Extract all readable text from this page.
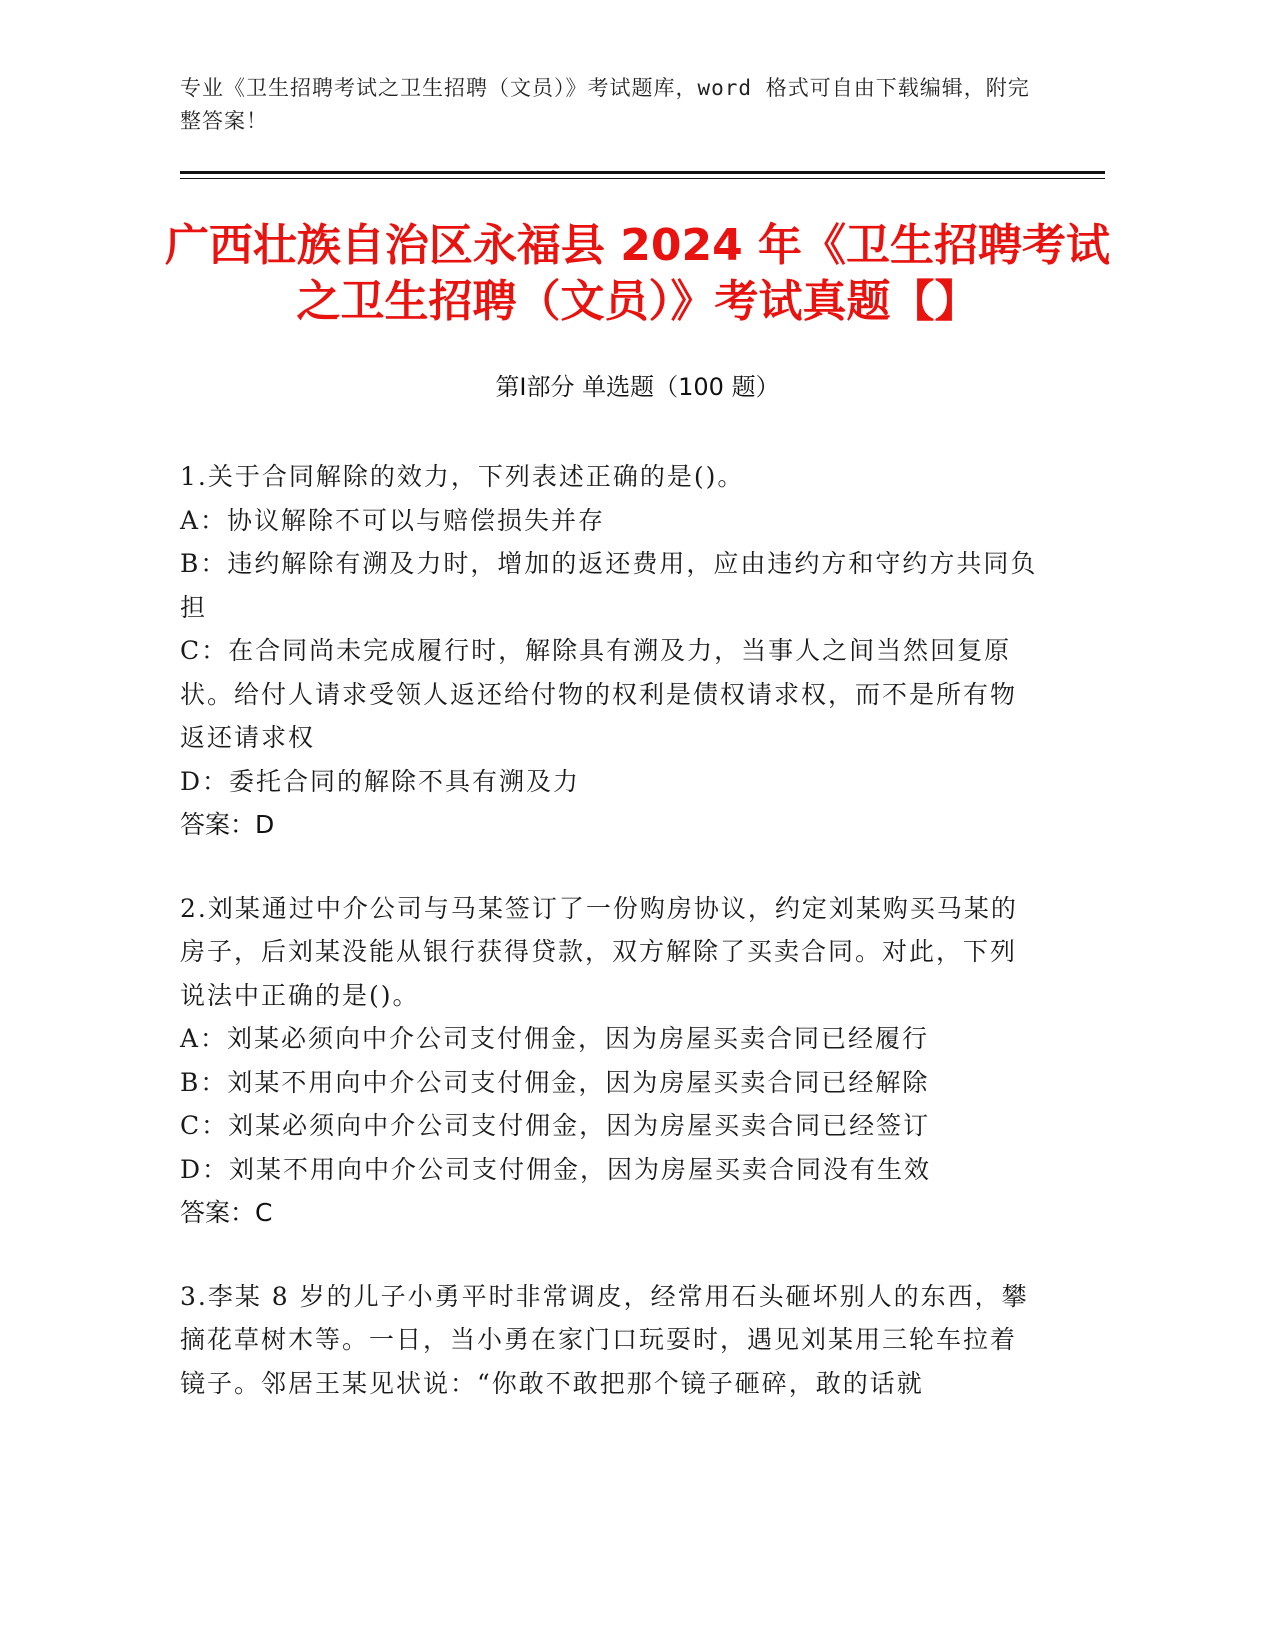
专业《卫生招聘考试之卫生招聘（文员）》考试题库，word 格式可自由下载编辑，附完整答案！
广西壮族自治区永福县 2024 年《卫生招聘考试之卫生招聘（文员）》考试真题【】
第Ⅰ部分 单选题（100 题）
1.关于合同解除的效力，下列表述正确的是()。
A：协议解除不可以与赔偿损失并存
B：违约解除有溯及力时，增加的返还费用，应由违约方和守约方共同负担
C：在合同尚未完成履行时，解除具有溯及力，当事人之间当然回复原状。给付人请求受领人返还给付物的权利是债权请求权，而不是所有物返还请求权
D：委托合同的解除不具有溯及力
答案：D
2.刘某通过中介公司与马某签订了一份购房协议，约定刘某购买马某的房子，后刘某没能从银行获得贷款，双方解除了买卖合同。对此，下列说法中正确的是()。
A：刘某必须向中介公司支付佣金，因为房屋买卖合同已经履行
B：刘某不用向中介公司支付佣金，因为房屋买卖合同已经解除
C：刘某必须向中介公司支付佣金，因为房屋买卖合同已经签订
D：刘某不用向中介公司支付佣金，因为房屋买卖合同没有生效
答案：C
3.李某 8 岁的儿子小勇平时非常调皮，经常用石头砸坏别人的东西，攀摘花草树木等。一日，当小勇在家门口玩耍时，遇见刘某用三轮车拉着镜子。邻居王某见状说：“你敢不敢把那个镜子砸碎，敢的话就
